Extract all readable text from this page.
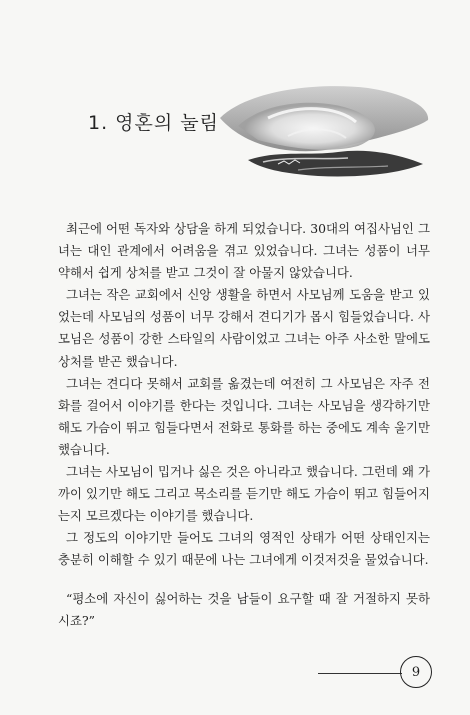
1. 영혼의 눌림

최근에 어떤 독자와 상담을 하게 되었습니다. 30대의 여집사님인 그녀는 대인 관계에서 어려움을 겪고 있었습니다. 그녀는 성품이 너무 약해서 쉽게 상처를 받고 그것이 잘 아물지 않았습니다.

그녀는 작은 교회에서 신앙 생활을 하면서 사모님께 도움을 받고 있었는데 사모님의 성품이 너무 강해서 견디기가 몹시 힘들었습니다. 사모님은 성품이 강한 스타일의 사람이었고 그녀는 아주 사소한 말에도 상처를 받곤 했습니다.

그녀는 견디다 못해서 교회를 옮겼는데 여전히 그 사모님은 자주 전화를 걸어서 이야기를 한다는 것입니다. 그녀는 사모님을 생각하기만 해도 가슴이 뛰고 힘들다면서 전화로 통화를 하는 중에도 계속 울기만 했습니다.

그녀는 사모님이 밉거나 싫은 것은 아니라고 했습니다. 그런데 왜 가까이 있기만 해도 그리고 목소리를 듣기만 해도 가슴이 뛰고 힘들어지는지 모르겠다는 이야기를 했습니다.

그 정도의 이야기만 들어도 그녀의 영적인 상태가 어떤 상태인지는 충분히 이해할 수 있기 때문에 나는 그녀에게 이것저것을 물었습니다.

“평소에 자신이 싫어하는 것을 남들이 요구할 때 잘 거절하지 못하시죠?”

9
